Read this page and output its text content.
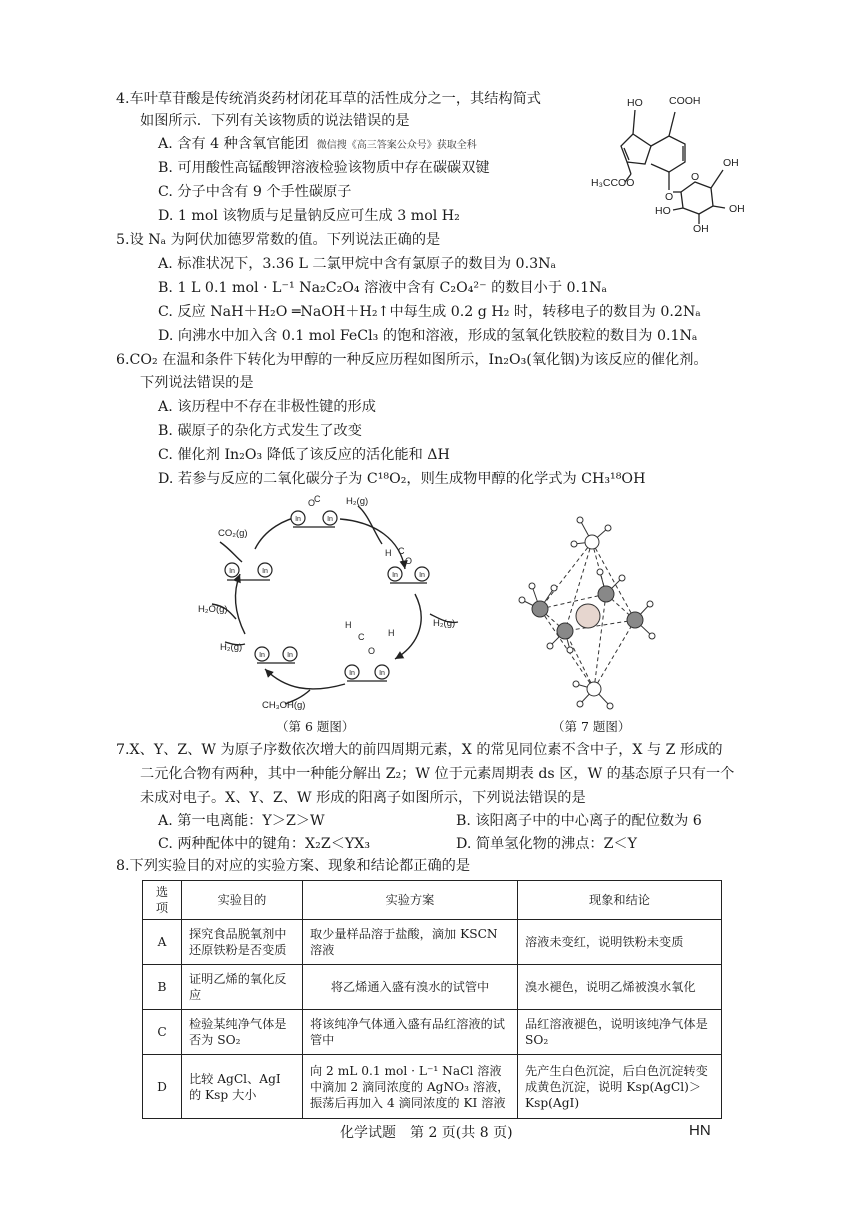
4.车叶草苷酸是传统消炎药材闭花耳草的活性成分之一，其结构简式
如图所示．下列有关该物质的说法错误的是
A. 含有 4 种含氧官能团 微信搜《高三答案公众号》获取全科
B. 可用酸性高锰酸钾溶液检验该物质中存在碳碳双键
C. 分子中含有 9 个手性碳原子
D. 1 mol 该物质与足量钠反应可生成 3 mol H₂
HO	COOH
H₃CCOO
O
O
OH
OH
HO
OH
5.设 Nₐ 为阿伏加德罗常数的值。下列说法正确的是
A. 标准状况下，3.36 L 二氯甲烷中含有氯原子的数目为 0.3Nₐ
B. 1 L 0.1 mol · L⁻¹ Na₂C₂O₄ 溶液中含有 C₂O₄²⁻ 的数目小于 0.1Nₐ
C. 反应 NaH＋H₂O ═NaOH＋H₂↑中每生成 0.2 g H₂ 时，转移电子的数目为 0.2Nₐ
D. 向沸水中加入含 0.1 mol FeCl₃ 的饱和溶液，形成的氢氧化铁胶粒的数目为 0.1Nₐ
6.CO₂ 在温和条件下转化为甲醇的一种反应历程如图所示，In₂O₃(氧化铟)为该反应的催化剂。
下列说法错误的是
A. 该历程中不存在非极性键的形成
B. 碳原子的杂化方式发生了改变
C. 催化剂 In₂O₃ 降低了该反应的活化能和 ΔH
D. 若参与反应的二氧化碳分子为 C¹⁸O₂，则生成物甲醇的化学式为 CH₃¹⁸OH
In	In
In	In
In	In
In	In
In	In
O
C
H C
O
H
C
O
H
CO₂(g)
H₂(g)
H₂(g)
H₂O(g)
H₂(g)
CH₃OH(g)
（第 6 题图）	（第 7 题图）
7.X、Y、Z、W 为原子序数依次增大的前四周期元素，X 的常见同位素不含中子，X 与 Z 形成的
二元化合物有两种，其中一种能分解出 Z₂；W 位于元素周期表 ds 区，W 的基态原子只有一个
未成对电子。X、Y、Z、W 形成的阳离子如图所示，下列说法错误的是
A. 第一电离能：Y＞Z＞W	B. 该阳离子中的中心离子的配位数为 6
C. 两种配体中的键角：X₂Z＜YX₃	D. 简单氢化物的沸点：Z＜Y
8.下列实验目的对应的实验方案、现象和结论都正确的是
选项	实验目的	实验方案	现象和结论
A	探究食品脱氧剂中还原铁粉是否变质	取少量样品溶于盐酸，滴加 KSCN 溶液	溶液未变红，说明铁粉未变质
B	证明乙烯的氧化反应	将乙烯通入盛有溴水的试管中	溴水褪色，说明乙烯被溴水氧化
C	检验某纯净气体是否为 SO₂	将该纯净气体通入盛有品红溶液的试管中	品红溶液褪色，说明该纯净气体是 SO₂
D	比较 AgCl、AgI 的 Ksp 大小	向 2 mL 0.1 mol · L⁻¹ NaCl 溶液中滴加 2 滴同浓度的 AgNO₃ 溶液，振荡后再加入 4 滴同浓度的 KI 溶液	先产生白色沉淀，后白色沉淀转变成黄色沉淀，说明 Ksp(AgCl)＞Ksp(AgI)
化学试题　第 2 页(共 8 页)	HN
